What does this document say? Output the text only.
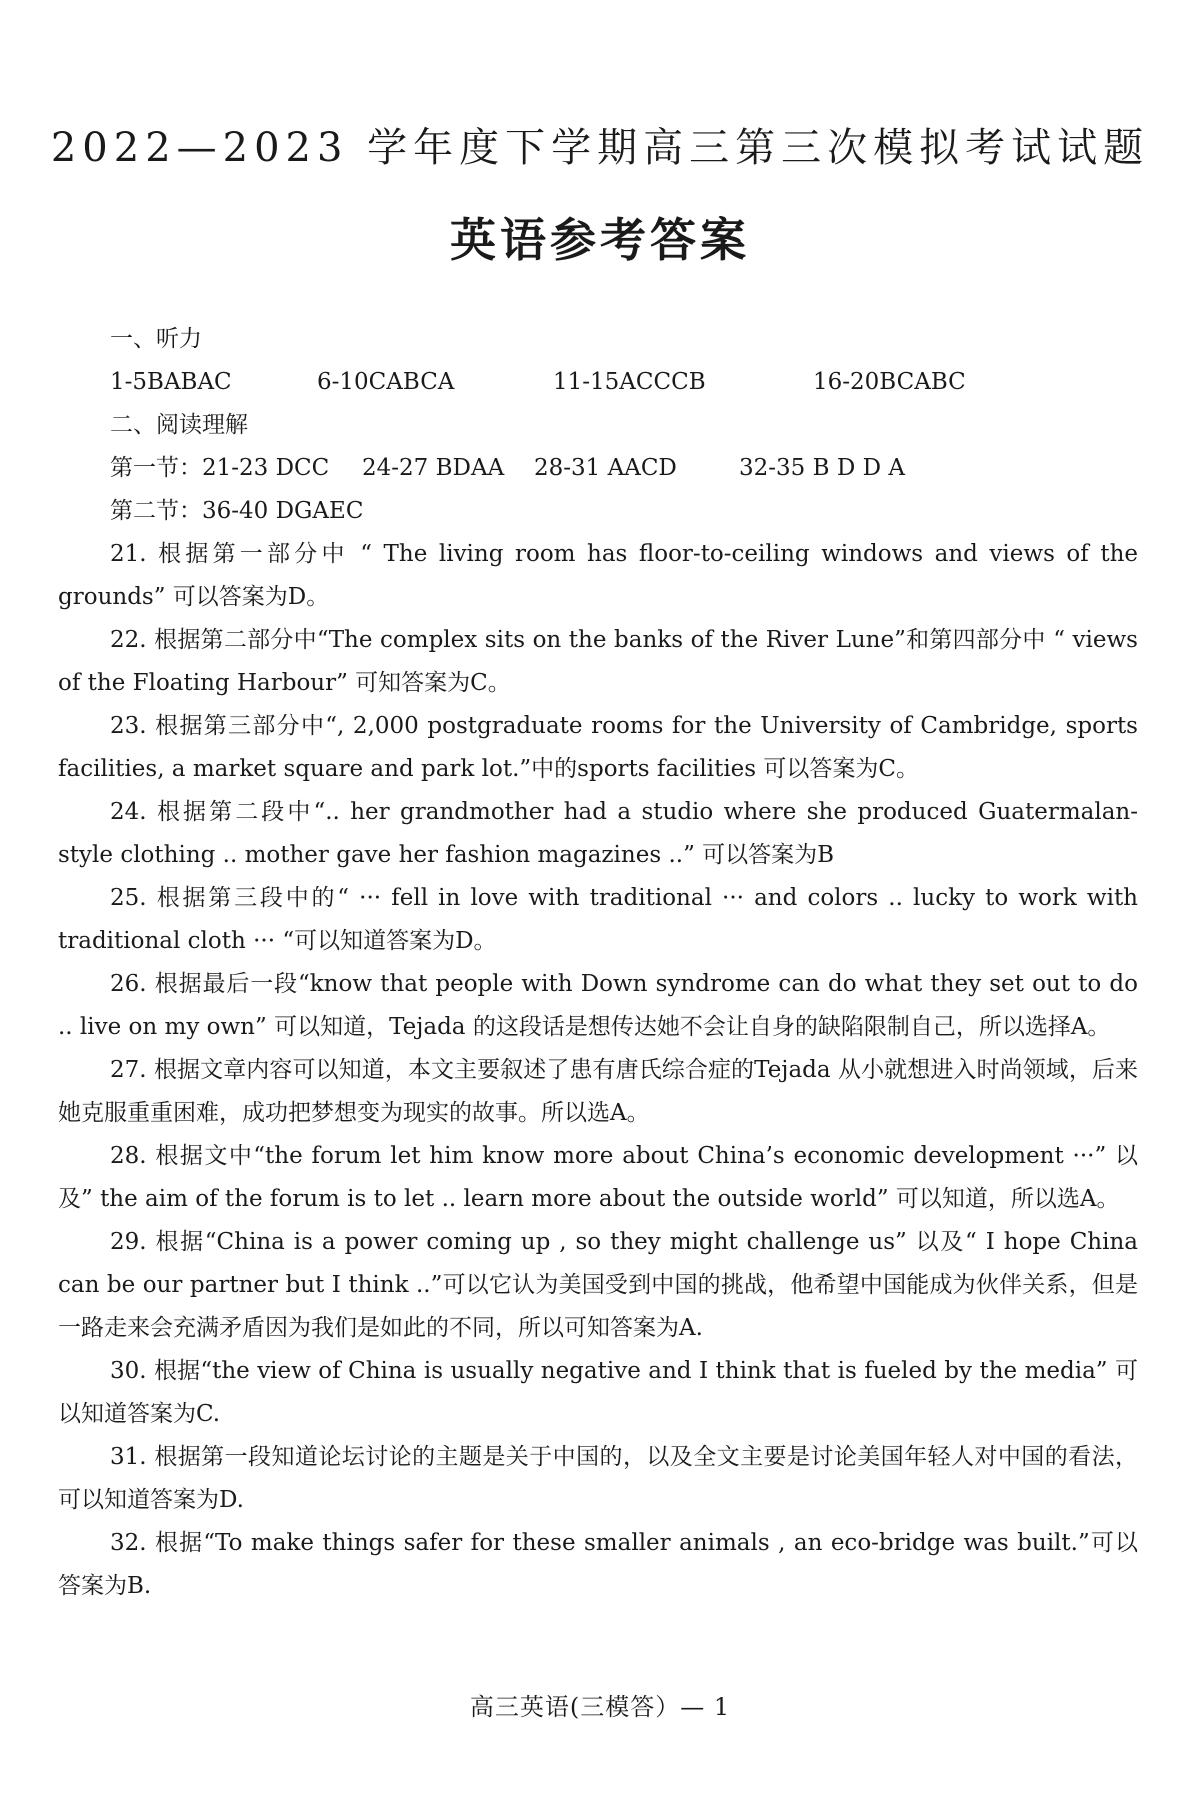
2022—2023 学年度下学期高三第三次模拟考试试题
英语参考答案

一、听力

1-5BABAC	6-10CABCA	11-15ACCCB	16-20BCABC

二、阅读理解

第一节： 21-23 DCC	24-27 BDAA	28-31 AACD	32-35 B D D A
第二节： 36-40 DGAEC

21. 根据第一部分中 “ The living room has floor-to-ceiling windows and views of the grounds” 可以答案为D。

22. 根据第二部分中“The complex sits on the banks of the River Lune”和第四部分中 “ views of the Floating Harbour” 可知答案为C。

23. 根据第三部分中“, 2,000 postgraduate rooms for the University of Cambridge, sports facilities, a market square and park lot.”中的sports facilities 可以答案为C。

24. 根据第二段中“.. her grandmother had a studio where she produced Guatermalan-style clothing .. mother gave her fashion magazines ..” 可以答案为B

25. 根据第三段中的“ ··· fell in love with traditional ··· and colors .. lucky to work with traditional cloth ··· “可以知道答案为D。

26. 根据最后一段“know that people with Down syndrome can do what they set out to do .. live on my own” 可以知道，Tejada 的这段话是想传达她不会让自身的缺陷限制自己，所以选择A。

27. 根据文章内容可以知道，本文主要叙述了患有唐氏综合症的Tejada 从小就想进入时尚领域，后来她克服重重困难，成功把梦想变为现实的故事。所以选A。

28. 根据文中“the forum let him know more about China’s economic development ···” 以及” the aim of the forum is to let .. learn more about the outside world” 可以知道，所以选A。

29. 根据“China is a power coming up , so they might challenge us” 以及“ I hope China can be our partner but I think ..”可以它认为美国受到中国的挑战，他希望中国能成为伙伴关系，但是一路走来会充满矛盾因为我们是如此的不同，所以可知答案为A.

30. 根据“the view of China is usually negative and I think that is fueled by the media” 可以知道答案为C.

31. 根据第一段知道论坛讨论的主题是关于中国的，以及全文主要是讨论美国年轻人对中国的看法，可以知道答案为D.

32. 根据“To make things safer for these smaller animals , an eco-bridge was built.”可以答案为B.

高三英语(三模答）— 1
